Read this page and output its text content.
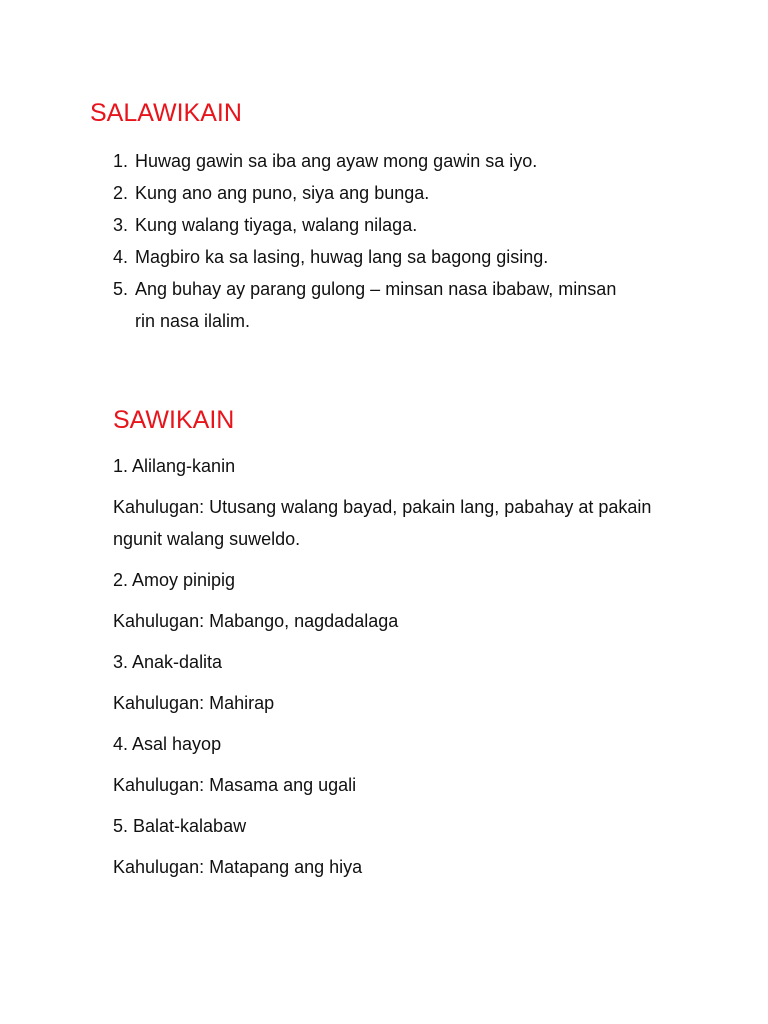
SALAWIKAIN
1. Huwag gawin sa iba ang ayaw mong gawin sa iyo.
2. Kung ano ang puno, siya ang bunga.
3. Kung walang tiyaga, walang nilaga.
4. Magbiro ka sa lasing, huwag lang sa bagong gising.
5. Ang buhay ay parang gulong – minsan nasa ibabaw, minsan rin nasa ilalim.
SAWIKAIN

1. Alilang-kanin

Kahulugan: Utusang walang bayad, pakain lang, pabahay at pakain ngunit walang suweldo.

2. Amoy pinipig

Kahulugan: Mabango, nagdadalaga

3. Anak-dalita

Kahulugan: Mahirap

4. Asal hayop

Kahulugan: Masama ang ugali

5. Balat-kalabaw

Kahulugan: Matapang ang hiya
